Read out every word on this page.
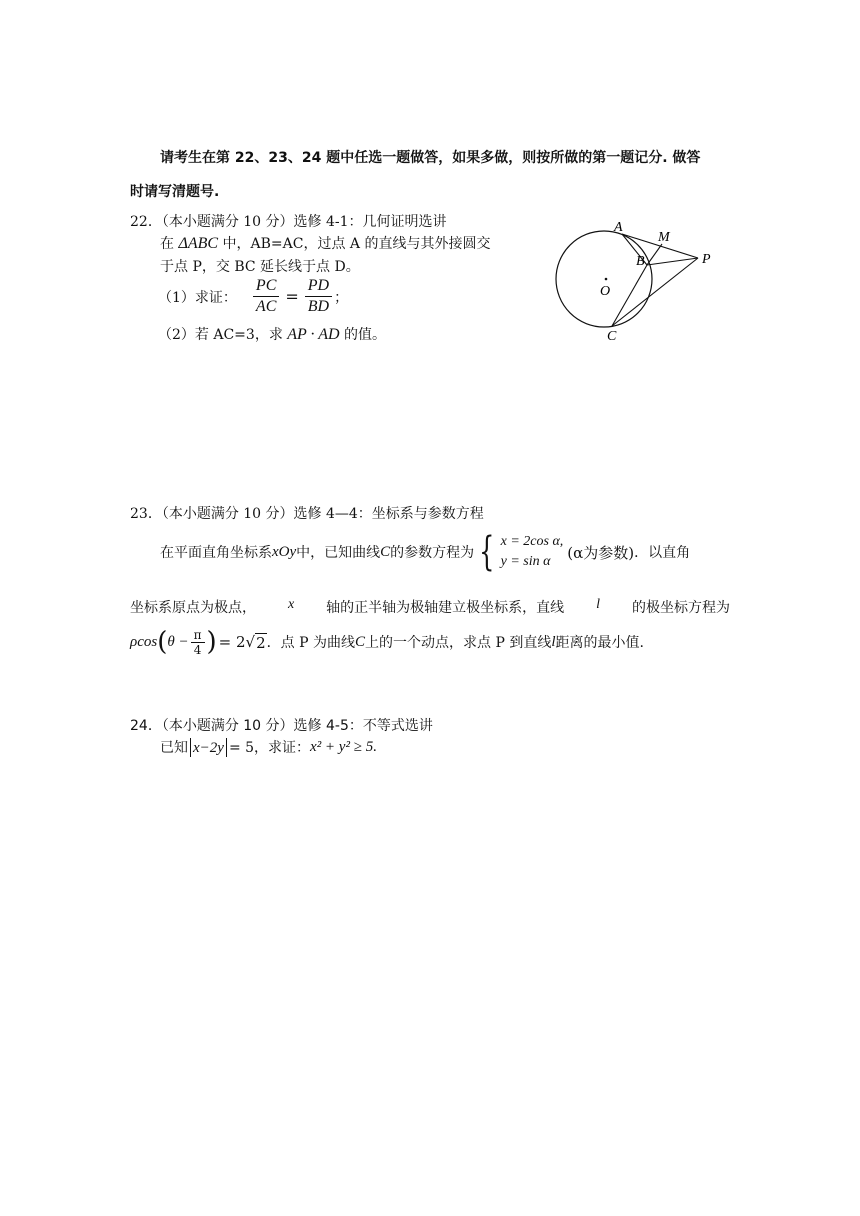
请考生在第 22、23、24 题中任选一题做答，如果多做，则按所做的第一题记分. 做答
时请写清题号.
22．（本小题满分 10 分）选修 4-1：几何证明选讲
在 ΔABC 中，AB=AC，过点 A 的直线与其外接圆交
于点 P，交 BC 延长线于点 D。
（1）求证： $\frac{PC}{AC} = \frac{PD}{BD}$ ；
（2）若 AC=3，求 AP · AD 的值。
A
M
B	P
O
C
23．（本小题满分 10 分）选修 4—4：坐标系与参数方程
在平面直角坐标系 xOy 中，已知曲线 C 的参数方程为 { x = 2cos α,
y = sin α	(α为参数) ．以直角
坐标系原点为极点， x 轴的正半轴为极轴建立极坐标系，直线 l 的极坐标方程为
ρcos ( $\theta - \frac{\pi}{4}$ ) = 2 √ 2 ．点 P 为曲线 C 上的一个动点，求点 P 到直线 l 距离的最小值.
24．（本小题满分 10 分）选修 4-5：不等式选讲
已知 x−2y = 5，求证： x² + y² ≥ 5.
